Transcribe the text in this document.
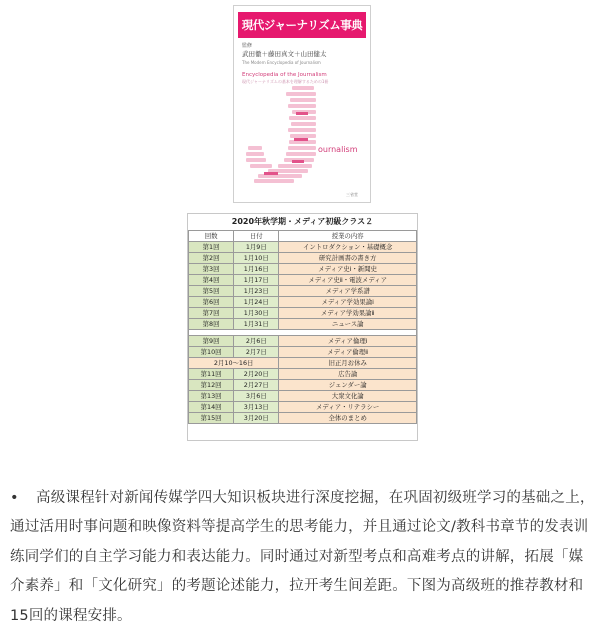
現代ジャーナリズム事典
監修
武田徹＋藤田真文＋山田健太
The Modern Encyclopedia of Journalism
Encyclopedia of the Journalism
現代ジャーナリズムの基本を理解するための1冊
ournalism
三省堂
2020年秋学期・メディア初級クラス２
回数	日付	授業の内容
第1回	1月9日	イントロダクション・基礎概念
第2回	1月10日	研究計画書の書き方
第3回	1月16日	メディア史ⅰ・新聞史
第4回	1月17日	メディア史ⅱ・電波メディア
第5回	1月23日	メディア学系譜
第6回	1月24日	メディア学効果論ⅰ
第7回	1月30日	メディア学効果論ⅱ
第8回	1月31日	ニュース論

第9回	2月6日	メディア倫理ⅰ
第10回	2月7日	メディア倫理ⅱ
2月10〜16日		旧正月お休み
第11回	2月20日	広告論
第12回	2月27日	ジェンダー論
第13回	3月6日	大衆文化論
第14回	3月13日	メディア・リテラシー
第15回	3月20日	全体のまとめ
• 高级课程针对新闻传媒学四大知识板块进行深度挖掘，在巩固初级班学习的基础之上，通过活用时事问题和映像资料等提高学生的思考能力，并且通过论文/教科书章节的发表训练同学们的自主学习能力和表达能力。同时通过对新型考点和高难考点的讲解，拓展「媒介素养」和「文化研究」的考题论述能力，拉开考生间差距。下图为高级班的推荐教材和15回的课程安排。
